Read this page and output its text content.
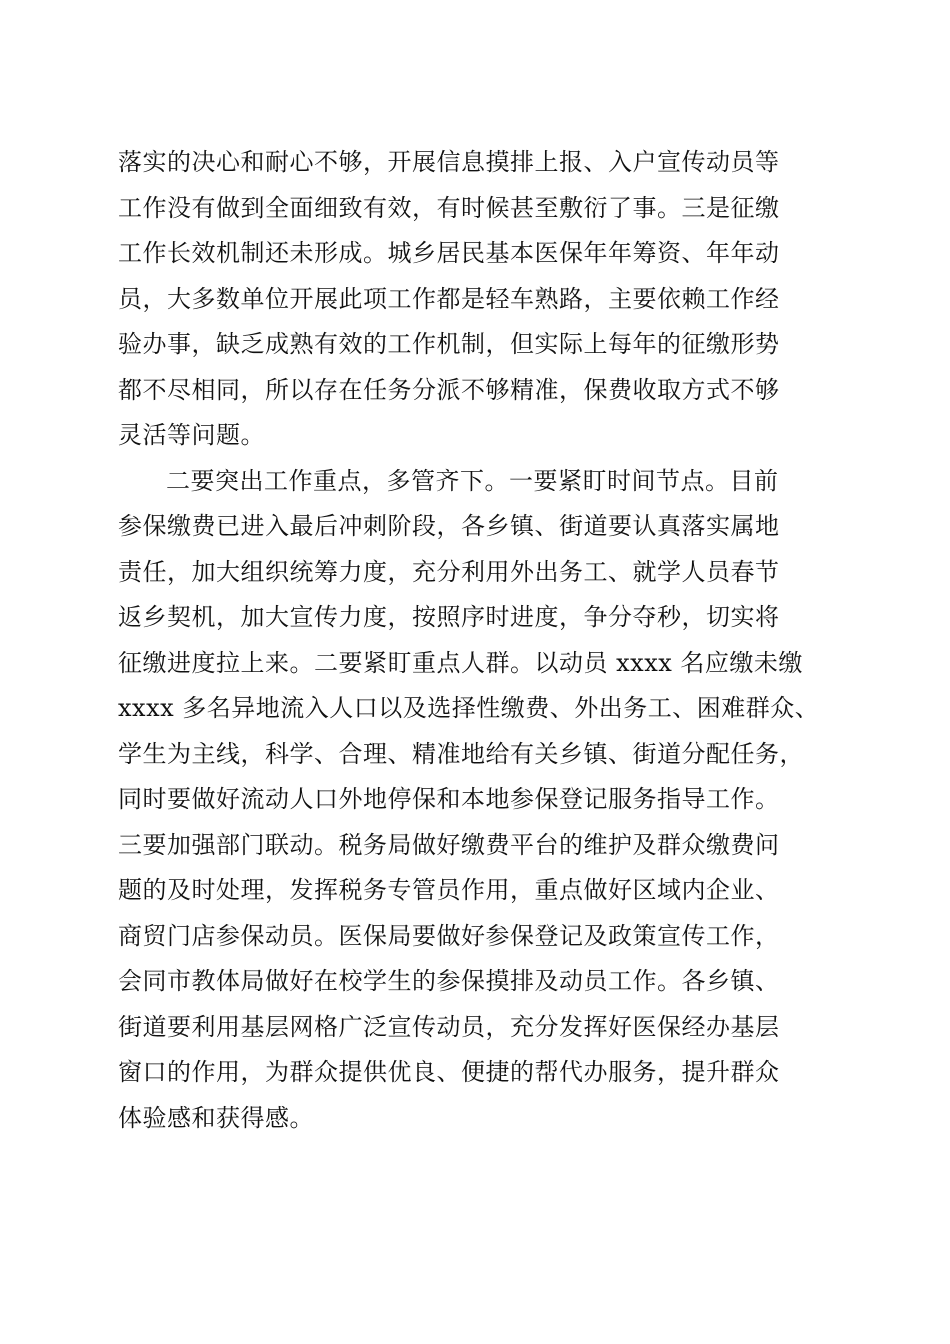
落实的决心和耐心不够，开展信息摸排上报、入户宣传动员等
工作没有做到全面细致有效，有时候甚至敷衍了事。三是征缴
工作长效机制还未形成。城乡居民基本医保年年筹资、年年动
员，大多数单位开展此项工作都是轻车熟路，主要依赖工作经
验办事，缺乏成熟有效的工作机制，但实际上每年的征缴形势
都不尽相同，所以存在任务分派不够精准，保费收取方式不够
灵活等问题。
二要突出工作重点，多管齐下。一要紧盯时间节点。目前
参保缴费已进入最后冲刺阶段，各乡镇、街道要认真落实属地
责任，加大组织统筹力度，充分利用外出务工、就学人员春节
返乡契机，加大宣传力度，按照序时进度，争分夺秒，切实将
征缴进度拉上来。二要紧盯重点人群。以动员 xxxx 名应缴未缴
xxxx 多名异地流入人口以及选择性缴费、外出务工、困难群众、
学生为主线，科学、合理、精准地给有关乡镇、街道分配任务，
同时要做好流动人口外地停保和本地参保登记服务指导工作。
三要加强部门联动。税务局做好缴费平台的维护及群众缴费问
题的及时处理，发挥税务专管员作用，重点做好区域内企业、
商贸门店参保动员。医保局要做好参保登记及政策宣传工作，
会同市教体局做好在校学生的参保摸排及动员工作。各乡镇、
街道要利用基层网格广泛宣传动员，充分发挥好医保经办基层
窗口的作用，为群众提供优良、便捷的帮代办服务，提升群众
体验感和获得感。
